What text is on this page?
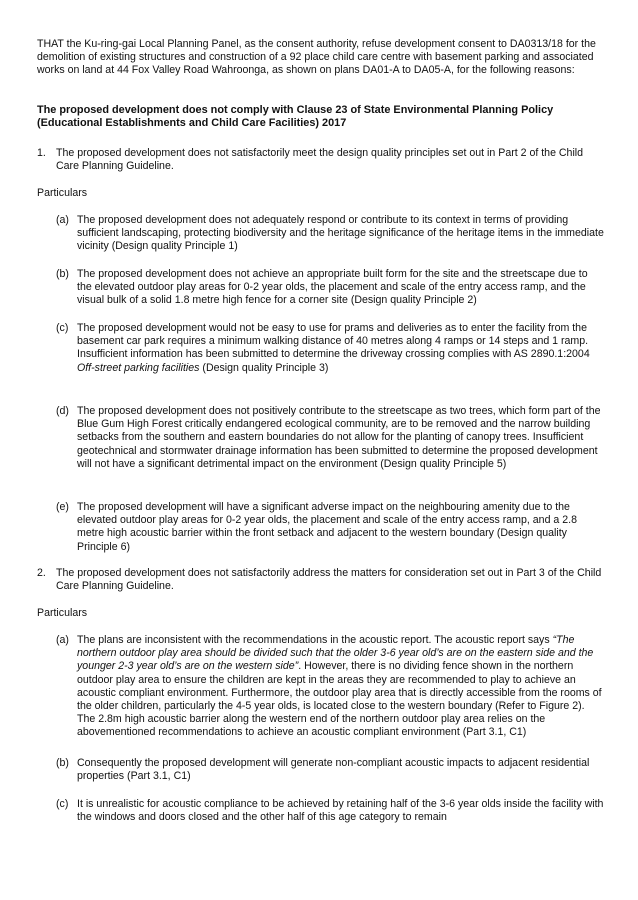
THAT the Ku-ring-gai Local Planning Panel, as the consent authority, refuse development consent to DA0313/18 for the demolition of existing structures and construction of a 92 place child care centre with basement parking and associated works on land at 44 Fox Valley Road Wahroonga, as shown on plans DA01-A to DA05-A, for the following reasons:

The proposed development does not comply with Clause 23 of State Environmental Planning Policy (Educational Establishments and Child Care Facilities) 2017

1. The proposed development does not satisfactorily meet the design quality principles set out in Part 2 of the Child Care Planning Guideline.
Particulars
(a) The proposed development does not adequately respond or contribute to its context in terms of providing sufficient landscaping, protecting biodiversity and the heritage significance of the heritage items in the immediate vicinity (Design quality Principle 1)
(b) The proposed development does not achieve an appropriate built form for the site and the streetscape due to the elevated outdoor play areas for 0-2 year olds, the placement and scale of the entry access ramp, and the visual bulk of a solid 1.8 metre high fence for a corner site (Design quality Principle 2)
(c) The proposed development would not be easy to use for prams and deliveries as to enter the facility from the basement car park requires a minimum walking distance of 40 metres along 4 ramps or 14 steps and 1 ramp. Insufficient information has been submitted to determine the driveway crossing complies with AS 2890.1:2004 Off-street parking facilities (Design quality Principle 3)
(d) The proposed development does not positively contribute to the streetscape as two trees, which form part of the Blue Gum High Forest critically endangered ecological community, are to be removed and the narrow building setbacks from the southern and eastern boundaries do not allow for the planting of canopy trees. Insufficient geotechnical and stormwater drainage information has been submitted to determine the proposed development will not have a significant detrimental impact on the environment (Design quality Principle 5)
(e) The proposed development will have a significant adverse impact on the neighbouring amenity due to the elevated outdoor play areas for 0-2 year olds, the placement and scale of the entry access ramp, and a 2.8 metre high acoustic barrier within the front setback and adjacent to the western boundary (Design quality Principle 6)
2. The proposed development does not satisfactorily address the matters for consideration set out in Part 3 of the Child Care Planning Guideline.
Particulars
(a) The plans are inconsistent with the recommendations in the acoustic report. The acoustic report says “The northern outdoor play area should be divided such that the older 3-6 year old’s are on the eastern side and the younger 2-3 year old’s are on the western side”. However, there is no dividing fence shown in the northern outdoor play area to ensure the children are kept in the areas they are recommended to play to achieve an acoustic compliant environment. Furthermore, the outdoor play area that is directly accessible from the rooms of the older children, particularly the 4-5 year olds, is located close to the western boundary (Refer to Figure 2). The 2.8m high acoustic barrier along the western end of the northern outdoor play area relies on the abovementioned recommendations to achieve an acoustic compliant environment (Part 3.1, C1)
(b) Consequently the proposed development will generate non-compliant acoustic impacts to adjacent residential properties (Part 3.1, C1)
(c) It is unrealistic for acoustic compliance to be achieved by retaining half of the 3-6 year olds inside the facility with the windows and doors closed and the other half of this age category to remain
